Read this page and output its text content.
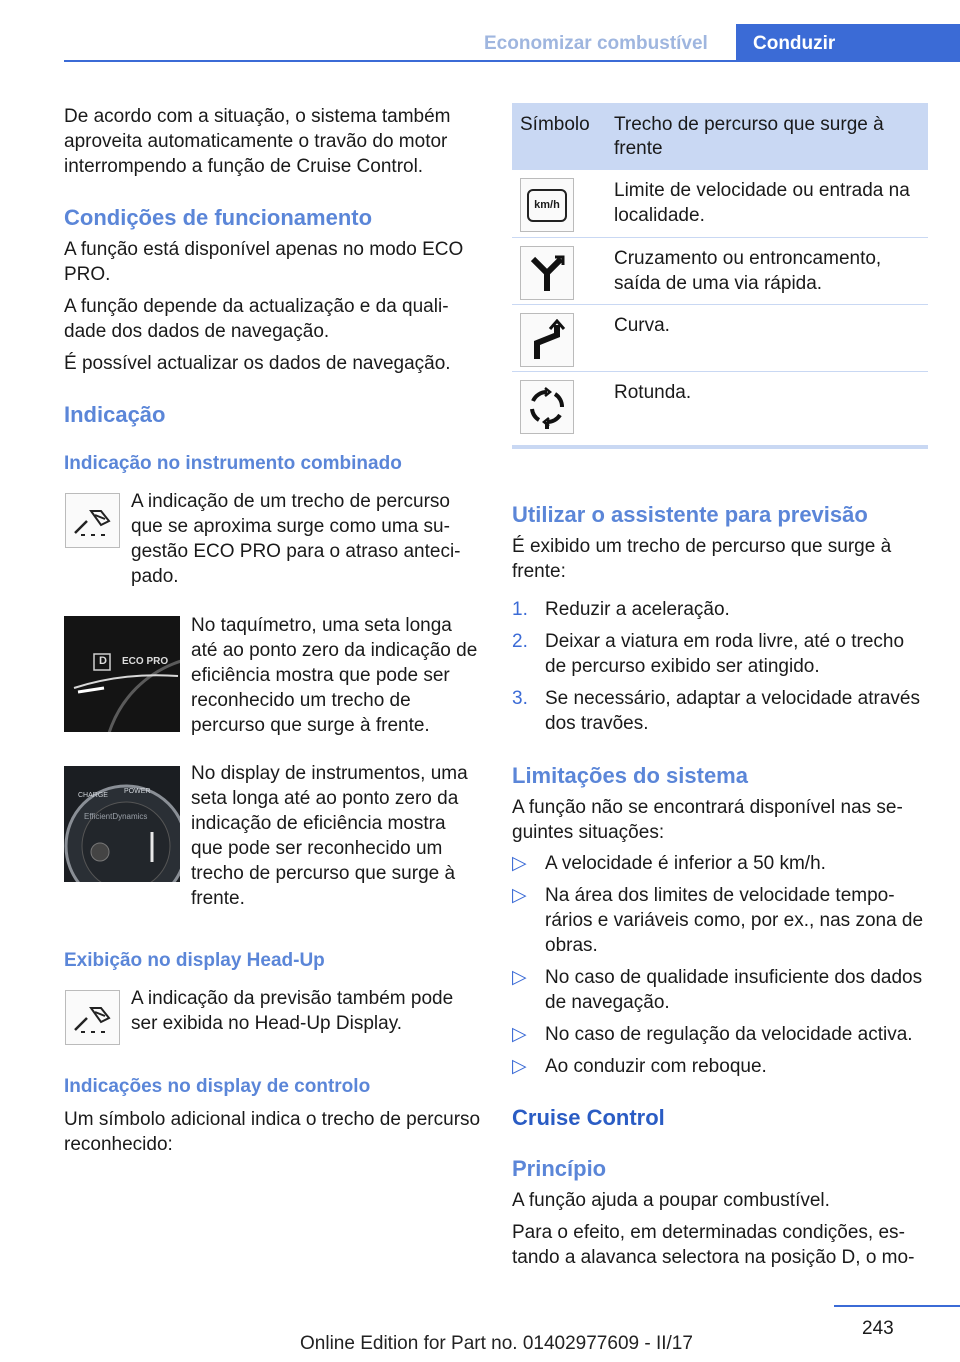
Economizar combustível	Conduzir

De acordo com a situação, o sistema também aproveita automaticamente o travão do motor interrompendo a função de Cruise Control.

Condições de funcionamento

A função está disponível apenas no modo ECO PRO.

A função depende da actualização e da qualidade dos dados de navegação.

É possível actualizar os dados de navegação.

Indicação
Indicação no instrumento combinado

A indicação de um trecho de percurso que se aproxima surge como uma sugestão ECO PRO para o atraso antecipado.

D ECO PRO

No taquímetro, uma seta longa até ao ponto zero da indicação de eficiência mostra que pode ser reconhecido um trecho de percurso que surge à frente.

CHARGE
POWER
EfficientDynamics

No display de instrumentos, uma seta longa até ao ponto zero da indicação de eficiência mostra que pode ser reconhecido um trecho de percurso que surge à frente.

Exibição no display Head-Up

A indicação da previsão também pode ser exibida no Head-Up Display.

Indicações no display de controlo

Um símbolo adicional indica o trecho de percurso reconhecido:

Símbolo	Trecho de percurso que surge à frente

km/h	Limite de velocidade ou entrada na localidade.

	Cruzamento ou entroncamento, saída de uma via rápida.

	Curva.

	Rotunda.
Utilizar o assistente para previsão

É exibido um trecho de percurso que surge à frente:

1. Reduzir a aceleração.
2. Deixar a viatura em roda livre, até o trecho de percurso exibido ser atingido.
3. Se necessário, adaptar a velocidade através dos travões.
Limitações do sistema

A função não se encontrará disponível nas seguintes situações:

▷ A velocidade é inferior a 50 km/h.
▷ Na área dos limites de velocidade temporários e variáveis como, por ex., nas zona de obras.
▷ No caso de qualidade insuficiente dos dados de navegação.
▷ No caso de regulação da velocidade activa.
▷ Ao conduzir com reboque.
Cruise Control
Princípio

A função ajuda a poupar combustível.

Para o efeito, em determinadas condições, estando a alavanca selectora na posição D, o mo-

243
Online Edition for Part no. 01402977609 - II/17
